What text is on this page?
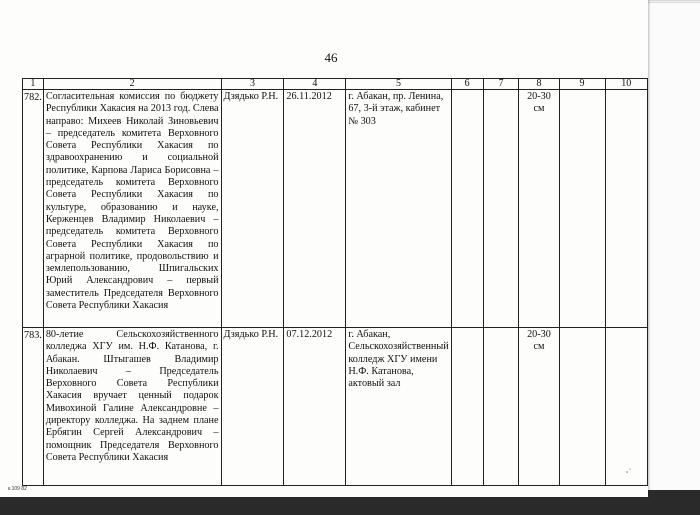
46
1	2	3	4	5	6	7	8	9	10
782.	Согласительная комиссия по бюджету Республики Хакасия на 2013 год. Слева направо: Михеев Николай Зиновьевич – председатель комитета Верховного Совета Республики Хакасия по здравоохранению и социальной политике, Карпова Лариса Борисовна – председатель комитета Верховного Совета Республики Хакасия по культуре, образованию и науке, Керженцев Владимир Николаевич – председатель комитета Верховного Совета Республики Хакасия по аграрной политике, продовольствию и землепользованию, Шпигальских Юрий Александрович – первый заместитель Председателя Верховного Совета Республики Хакасия	Дзядько Р.Н.	26.11.2012	г. Абакан, пр. Ленина, 67, 3-й этаж, кабинет № 303			20-30 см		
783.	80-летие Сельскохозяйственного колледжа ХГУ им. Н.Ф. Катанова, г. Абакан. Штыгашев Владимир Николаевич – Председатель Верховного Совета Республики Хакасия вручает ценный подарок Мивохиной Галине Александровне – директору колледжа. На заднем плане Ербягин Сергей Александрович – помощник Председателя Верховного Совета Республики Хакасия	Дзядько Р.Н.	07.12.2012	г. Абакан, Сельскохозяйственный колледж ХГУ имени Н.Ф. Катанова, актовый зал			20-30 см		
к.109 82
